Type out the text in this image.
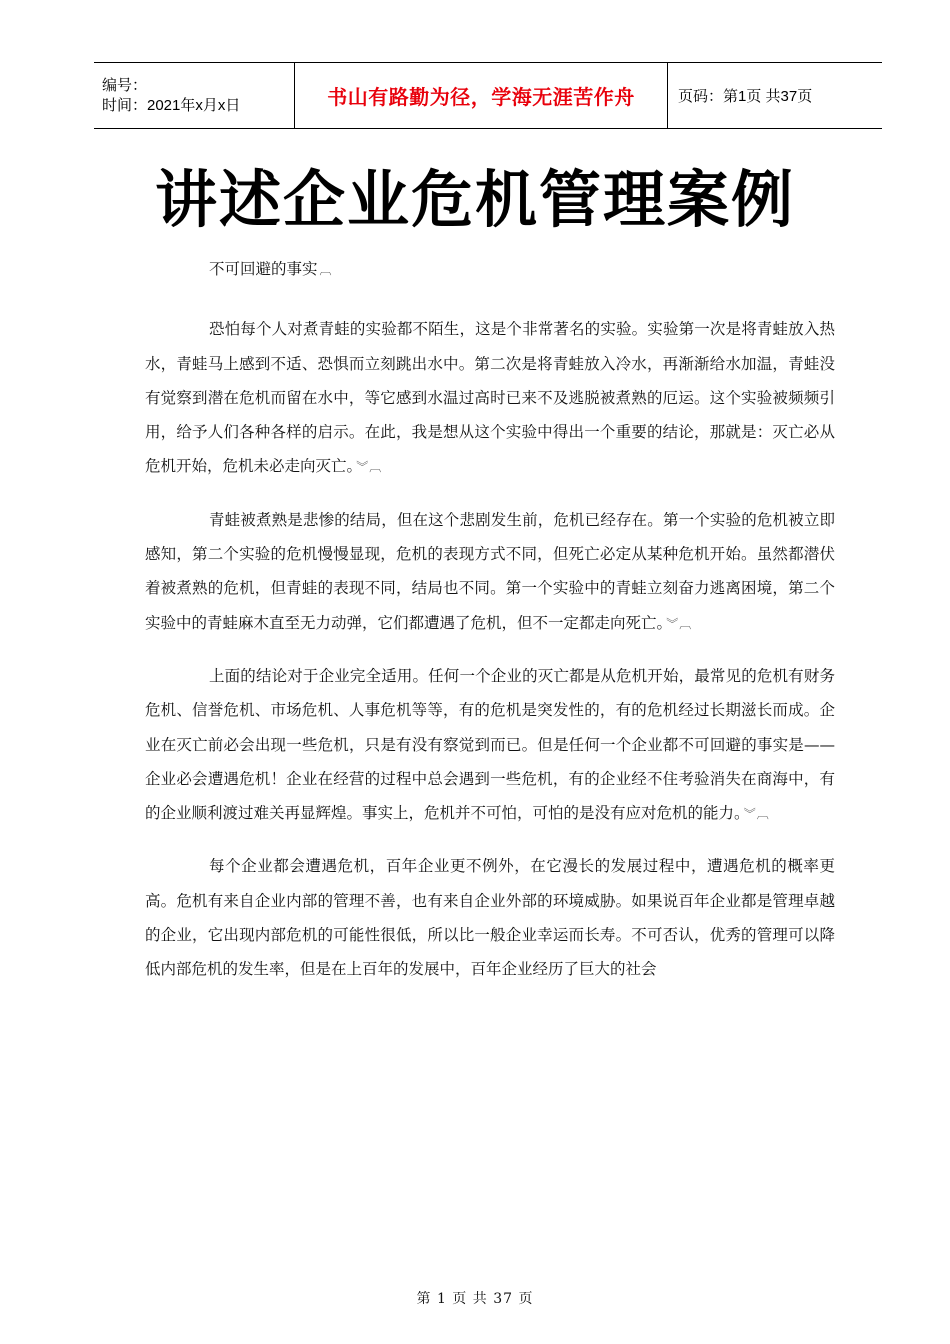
编号：
时间：2021年x月x日	书山有路勤为径，学海无涯苦作舟	页码：第1页 共37页
讲述企业危机管理案例

不可回避的事实 ︹

恐怕每个人对煮青蛙的实验都不陌生，这是个非常著名的实验。实验第一次是将青蛙放入热水，青蛙马上感到不适、恐惧而立刻跳出水中。第二次是将青蛙放入冷水，再渐渐给水加温，青蛙没有觉察到潜在危机而留在水中，等它感到水温过高时已来不及逃脱被煮熟的厄运。这个实验被频频引用，给予人们各种各样的启示。在此，我是想从这个实验中得出一个重要的结论，那就是：灭亡必从危机开始，危机未必走向灭亡。 ︾︹

青蛙被煮熟是悲惨的结局，但在这个悲剧发生前，危机已经存在。第一个实验的危机被立即感知，第二个实验的危机慢慢显现，危机的表现方式不同，但死亡必定从某种危机开始。虽然都潜伏着被煮熟的危机，但青蛙的表现不同，结局也不同。第一个实验中的青蛙立刻奋力逃离困境，第二个实验中的青蛙麻木直至无力动弹，它们都遭遇了危机，但不一定都走向死亡。 ︾︹

上面的结论对于企业完全适用。任何一个企业的灭亡都是从危机开始，最常见的危机有财务危机、信誉危机、市场危机、人事危机等等，有的危机是突发性的，有的危机经过长期滋长而成。企业在灭亡前必会出现一些危机，只是有没有察觉到而已。但是任何一个企业都不可回避的事实是——企业必会遭遇危机！企业在经营的过程中总会遇到一些危机，有的企业经不住考验消失在商海中，有的企业顺利渡过难关再显辉煌。事实上，危机并不可怕，可怕的是没有应对危机的能力。 ︾︹

每个企业都会遭遇危机，百年企业更不例外，在它漫长的发展过程中，遭遇危机的概率更高。危机有来自企业内部的管理不善，也有来自企业外部的环境威胁。如果说百年企业都是管理卓越的企业，它出现内部危机的可能性很低，所以比一般企业幸运而长寿。不可否认，优秀的管理可以降低内部危机的发生率，但是在上百年的发展中，百年企业经历了巨大的社会

第 1 页 共 37 页
